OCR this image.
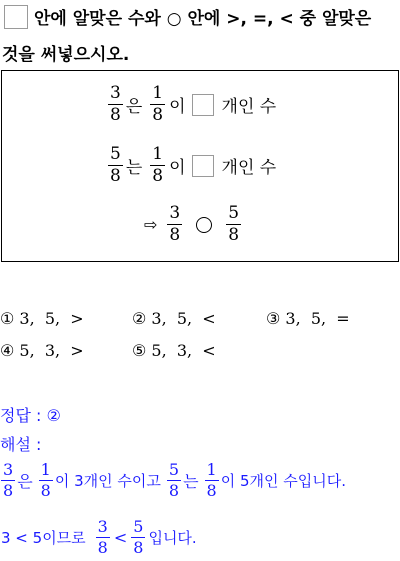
안에 알맞은 수와 ○ 안에 >, =, < 중 알맞은
것을 써넣으시오.
$\frac{3}{8}$ 은 $\frac{1}{8}$ 이 개인 수
$\frac{5}{8}$ 는 $\frac{1}{8}$ 이 개인 수
⇨ $\frac{3}{8}$	$\frac{5}{8}$
① 3,  5,  >	② 3,  5,  <	③ 3,  5,  =
④ 5,  3,  >	⑤ 5,  3,  <
정답 : ②
해설 :
$\frac{3}{8}$ 은 $\frac{1}{8}$ 이 3개인 수이고 $\frac{5}{8}$ 는 $\frac{1}{8}$ 이 5개인 수입니다.
3 < 5이므로 $\frac{3}{8} < \frac{5}{8}$ 입니다.
